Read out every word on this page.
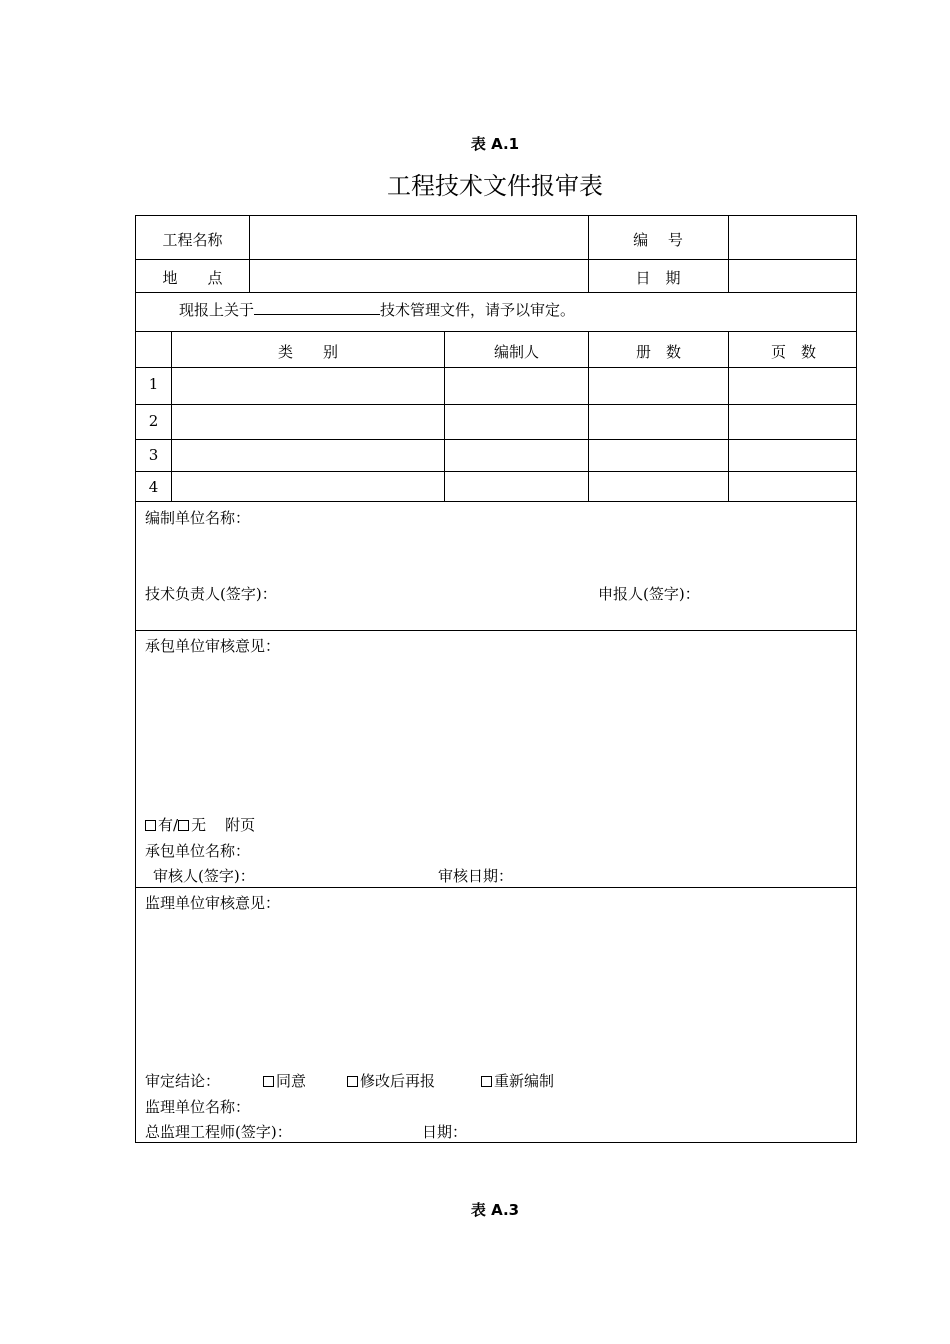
表 A.1
工程技术文件报审表
工程名称	编　 号
地　　点	日　期
现报上关于	技术管理文件，请予以审定。
类　　别	编制人	册　数	页　数
1
2
3
4
编制单位名称：
技术负责人(签字)：	申报人(签字)：
承包单位审核意见：
有/ 无 附页
承包单位名称：
审核人(签字)：	审核日期：
监理单位审核意见：
审定结论：	同意	修改后再报	重新编制
监理单位名称：
总监理工程师(签字)：	日期：
表 A.3
